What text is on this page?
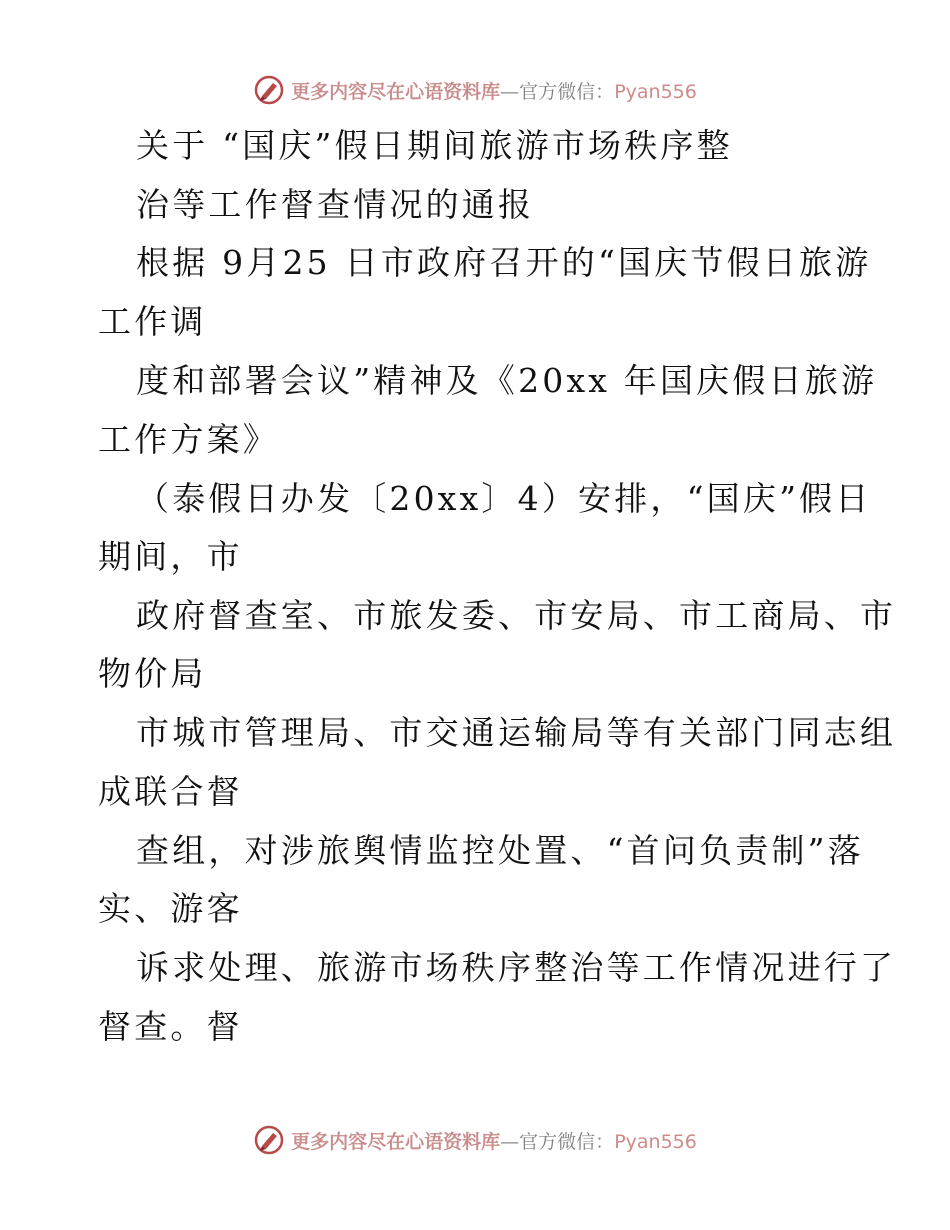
更多内容尽在心语资料库—官方微信：Pyan556
关于 “国庆”假日期间旅游市场秩序整
治等工作督查情况的通报
根据 9月25 日市政府召开的“国庆节假日旅游
工作调
度和部署会议”精神及《20xx 年国庆假日旅游
工作方案》
（泰假日办发〔20xx〕4）安排，“国庆”假日
期间，市
政府督查室、市旅发委、市安局、市工商局、市
物价局
市城市管理局、市交通运输局等有关部门同志组
成联合督
查组，对涉旅舆情监控处置、“首问负责制”落
实、游客
诉求处理、旅游市场秩序整治等工作情况进行了
督查。督
更多内容尽在心语资料库—官方微信：Pyan556
